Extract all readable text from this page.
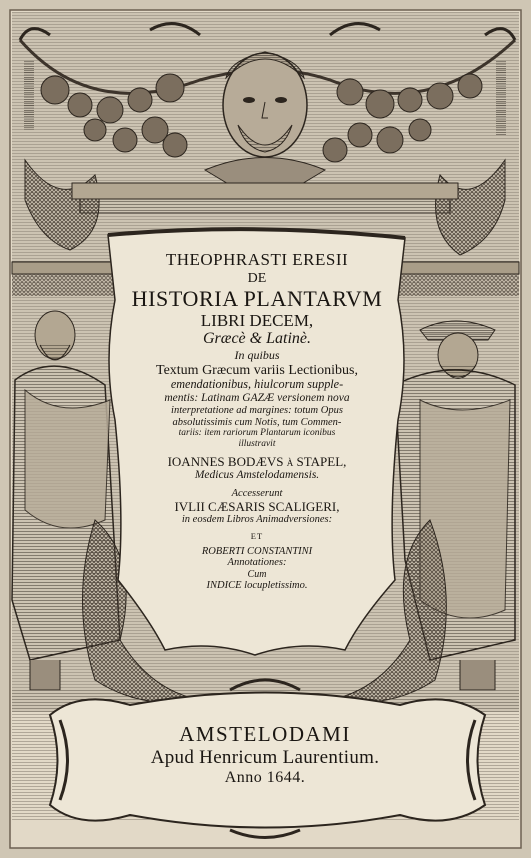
THEOPHRASTI ERESII
DE
HISTORIA PLANTARVM
LIBRI DECEM,
Græcè & Latinè.
In quibus
Textum Græcum variis Lectionibus,
emendationibus, hiulcorum supple-
mentis: Latinam GAZÆ versionem nova
interpretatione ad margines: totum Opus
absolutissimis cum Notis, tum Commen-
tariis: item rariorum Plantarum iconibus
illustravit
IOANNES BODÆVS à STAPEL,
Medicus Amstelodamensis.
Accesserunt
IVLII CÆSARIS SCALIGERI,
in eosdem Libros Animadversiones:
ET
ROBERTI CONSTANTINI
Annotationes:
Cum
INDICE locupletissimo.
AMSTELODAMI
Apud Henricum Laurentium.
Anno 1644.
